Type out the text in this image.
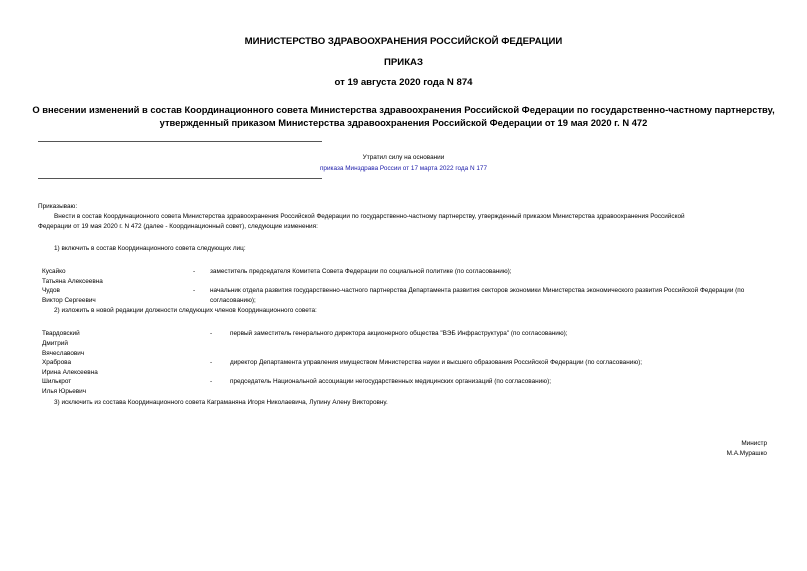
МИНИСТЕРСТВО ЗДРАВООХРАНЕНИЯ РОССИЙСКОЙ ФЕДЕРАЦИИ
ПРИКАЗ
от 19 августа 2020 года N 874
О внесении изменений в состав Координационного совета Министерства здравоохранения Российской Федерации по государственно-частному партнерству,
утвержденный приказом Министерства здравоохранения Российской Федерации от 19 мая 2020 г. N 472
Утратил силу на основании
приказа Минздрава России от 17 марта 2022 года N 177
Приказываю:
Внести в состав Координационного совета Министерства здравоохранения Российской Федерации по государственно-частному партнерству, утвержденный приказом Министерства здравоохранения Российской
Федерации от 19 мая 2020 г. N 472 (далее - Координационный совет), следующие изменения:
1) включить в состав Координационного совета следующих лиц:
Кусайко
Татьяна Алексеевна
-	заместитель председателя Комитета Совета Федерации по социальной политике (по согласованию);
Чудов
Виктор Сергеевич
-	начальник отдела развития государственно-частного партнерства Департамента развития секторов экономики Министерства экономического развития Российской Федерации (по
согласованию);
2) изложить в новой редакции должности следующих членов Координационного совета:
Твардовский
Дмитрий
Вячеславович
-	первый заместитель генерального директора акционерного общества "ВЭБ Инфраструктура" (по согласованию);
Храброва
Ирина Алексеевна
-	директор Департамента управления имуществом Министерства науки и высшего образования Российской Федерации (по согласованию);
Шилькрот
Илья Юрьевич
-	председатель Национальной ассоциации негосударственных медицинских организаций (по согласованию);
3) исключить из состава Координационного совета Каграманяна Игоря Николаевича, Лупину Алену Викторовну.
Министр
М.А.Мурашко
